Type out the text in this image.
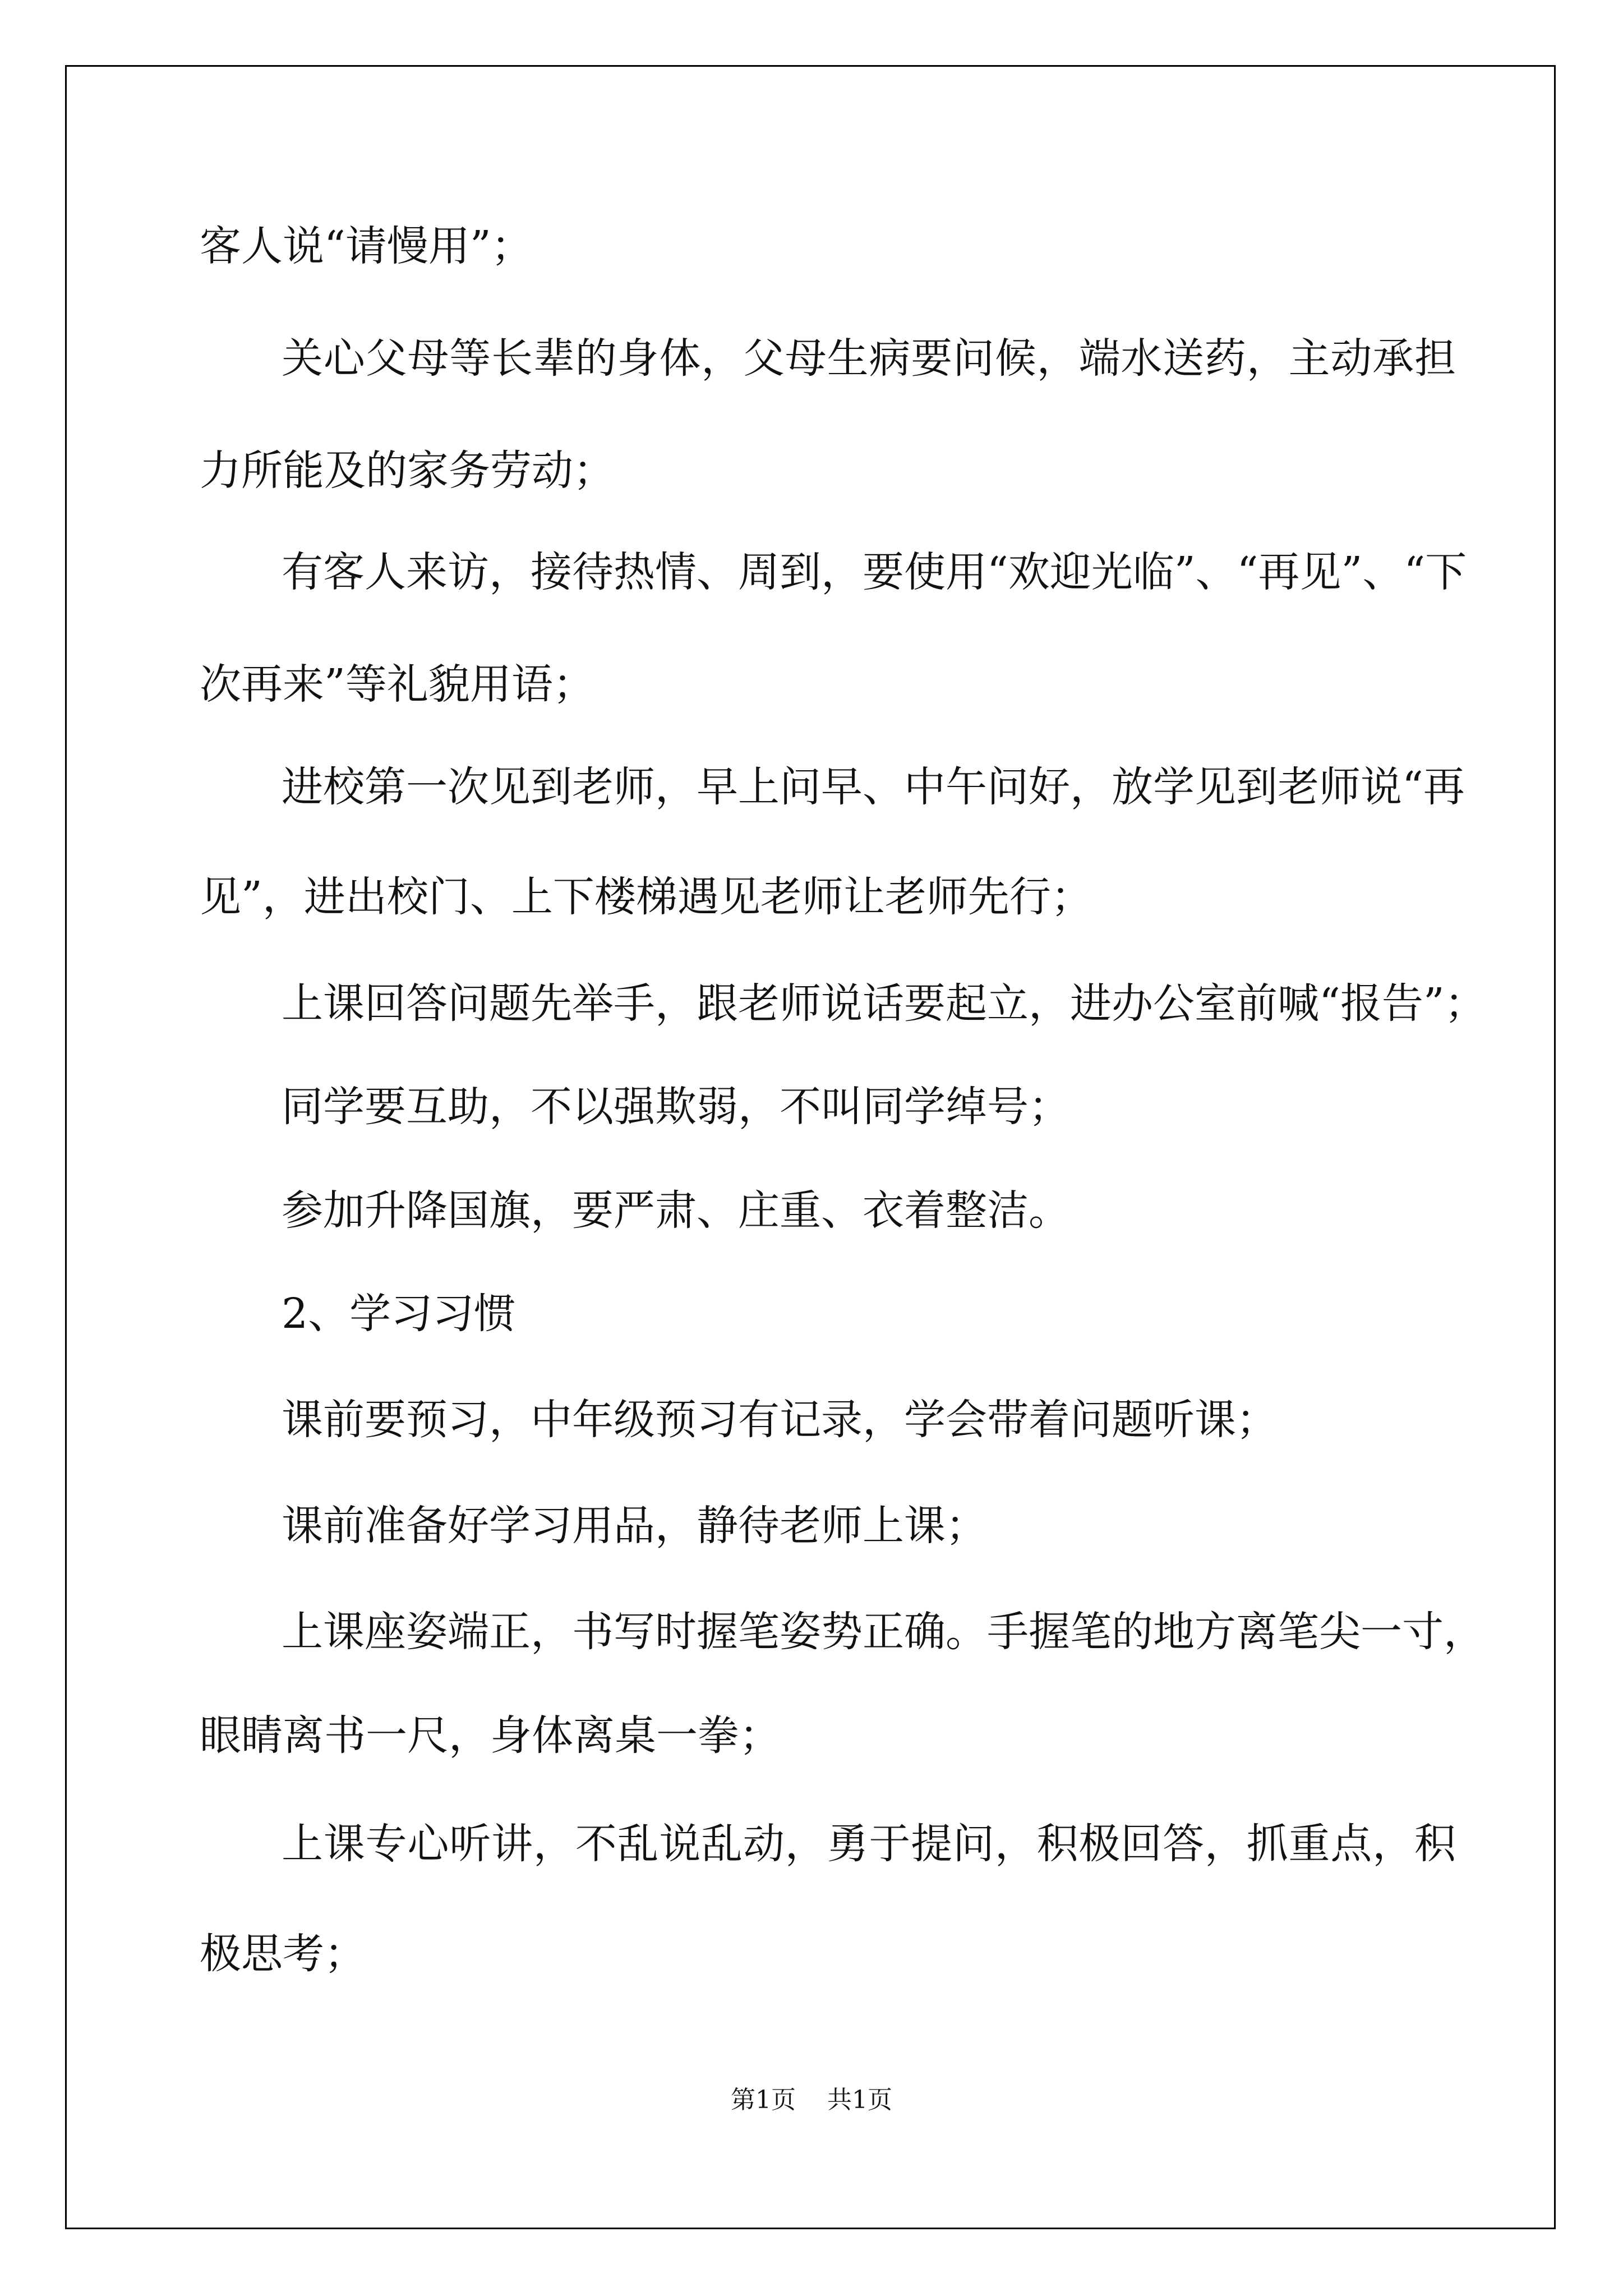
客人说“请慢用”；
关心父母等长辈的身体，父母生病要问候，端水送药，主动承担
力所能及的家务劳动；
有客人来访，接待热情、周到，要使用“欢迎光临”、“再见”、“下
次再来”等礼貌用语；
进校第一次见到老师，早上问早、中午问好，放学见到老师说“再
见”，进出校门、上下楼梯遇见老师让老师先行；
上课回答问题先举手，跟老师说话要起立，进办公室前喊“报告”；
同学要互助，不以强欺弱，不叫同学绰号；
参加升降国旗，要严肃、庄重、衣着整洁。
2、学习习惯
课前要预习，中年级预习有记录，学会带着问题听课；
课前准备好学习用品，静待老师上课；
上课座姿端正，书写时握笔姿势正确。手握笔的地方离笔尖一寸，
眼睛离书一尺，身体离桌一拳；
上课专心听讲，不乱说乱动，勇于提问，积极回答，抓重点，积
极思考；
第1页 共1页
